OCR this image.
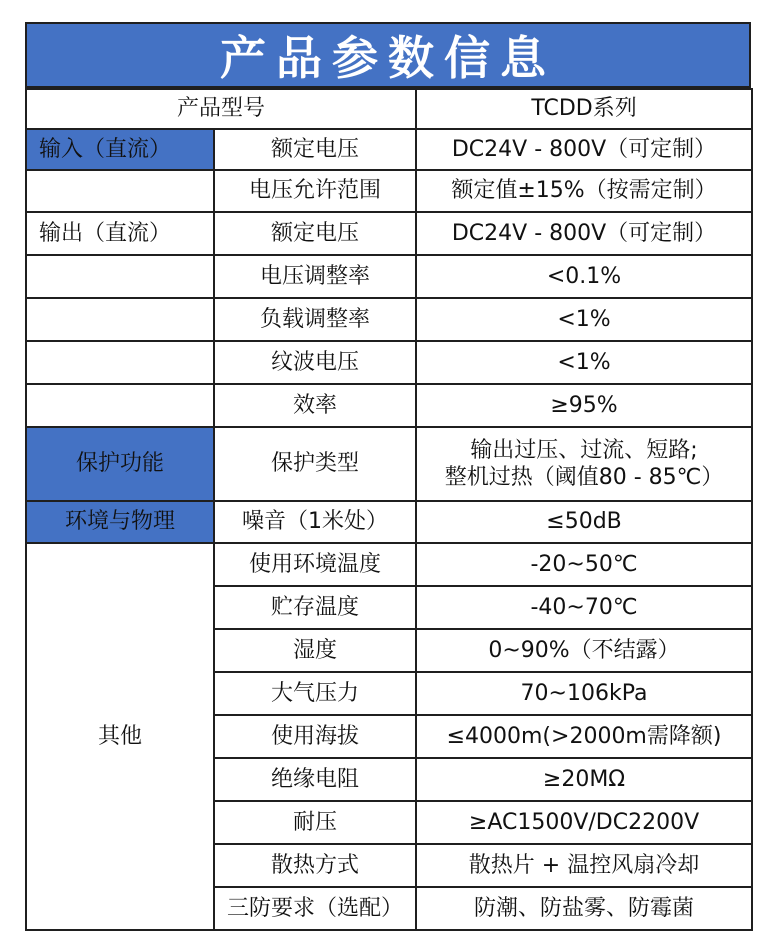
产品参数信息
产品型号		TCDD系列
输入（直流）	额定电压	DC24V - 800V（可定制）
	电压允许范围	额定值±15%（按需定制）
输出（直流）	额定电压	DC24V - 800V（可定制）
	电压调整率	<0.1%
	负载调整率	<1%
	纹波电压	<1%
	效率	≥95%
保护功能	保护类型	输出过压、过流、短路;
整机过热（阈值80 - 85℃）

环境与物理	噪音（1米处）	≤50dB
其他	使用环境温度	-20~50℃
	贮存温度	-40~70℃
	湿度	0~90%（不结露）
	大气压力	70~106kPa
	使用海拔	≤4000m(>2000m需降额)
	绝缘电阻	≥20MΩ
	耐压	≥AC1500V/DC2200V
	散热方式	散热片 + 温控风扇冷却
	三防要求（选配）	防潮、防盐雾、防霉菌
